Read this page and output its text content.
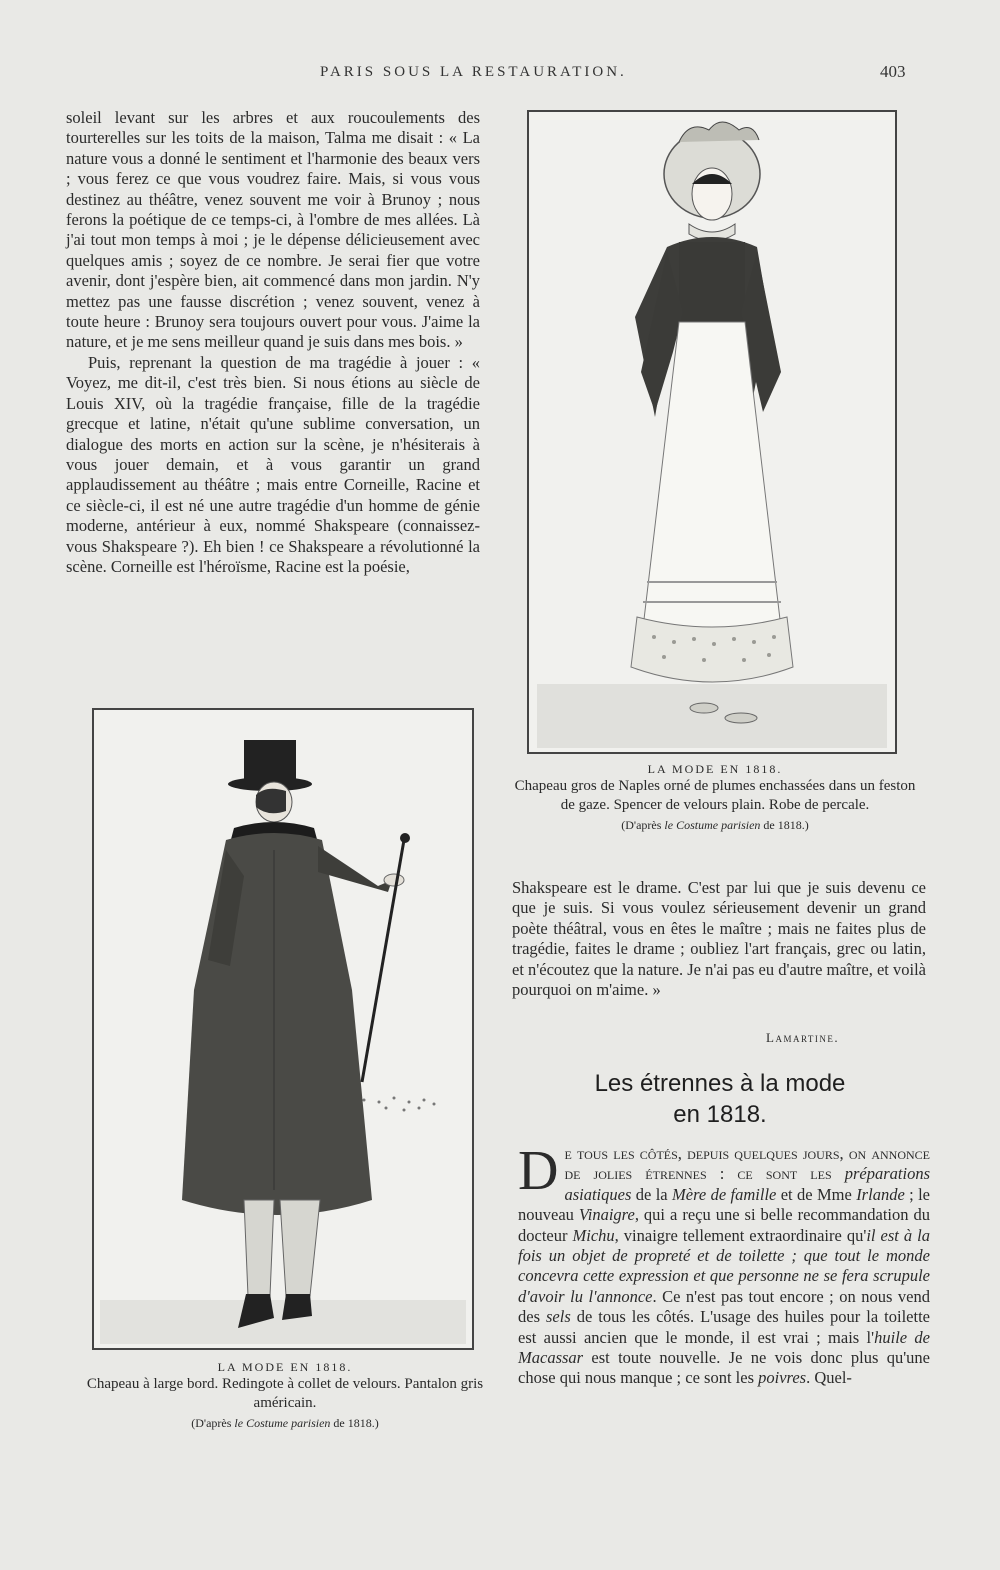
PARIS SOUS LA RESTAURATION.	403

soleil levant sur les arbres et aux roucoulements des tourterelles sur les toits de la maison, Talma me disait : « La nature vous a donné le sentiment et l'harmonie des beaux vers ; vous ferez ce que vous voudrez faire. Mais, si vous vous destinez au théâtre, venez souvent me voir à Brunoy ; nous ferons la poétique de ce temps-ci, à l'ombre de mes allées. Là j'ai tout mon temps à moi ; je le dépense délicieusement avec quelques amis ; soyez de ce nombre. Je serai fier que votre avenir, dont j'espère bien, ait commencé dans mon jardin. N'y mettez pas une fausse discrétion ; venez souvent, venez à toute heure : Brunoy sera toujours ouvert pour vous. J'aime la nature, et je me sens meilleur quand je suis dans mes bois. »

Puis, reprenant la question de ma tragédie à jouer : « Voyez, me dit-il, c'est très bien. Si nous étions au siècle de Louis XIV, où la tragédie française, fille de la tragédie grecque et latine, n'était qu'une sublime conversation, un dialogue des morts en action sur la scène, je n'hésiterais à vous jouer demain, et à vous garantir un grand applaudissement au théâtre ; mais entre Corneille, Racine et ce siècle-ci, il est né une autre tragédie d'un homme de génie moderne, antérieur à eux, nommé Shakspeare (connaissez-vous Shakspeare ?). Eh bien ! ce Shakspeare a révolutionné la scène. Corneille est l'héroïsme, Racine est la poésie,

LA MODE EN 1818.
Chapeau gros de Naples orné de plumes enchassées dans un feston de gaze. Spencer de velours plain. Robe de percale.
(D'après le Costume parisien de 1818.)

Shakspeare est le drame. C'est par lui que je suis devenu ce que je suis. Si vous voulez sérieusement devenir un grand poète théâtral, vous en êtes le maître ; mais ne faites plus de tragédie, faites le drame ; oubliez l'art français, grec ou latin, et n'écoutez que la nature. Je n'ai pas eu d'autre maître, et voilà pourquoi on m'aime. »

Lamartine.
LA MODE EN 1818.
Chapeau à large bord. Redingote à collet de velours. Pantalon gris américain.
(D'après le Costume parisien de 1818.)
Les étrennes à la mode
en 1818.

De tous les côtés, depuis quelques jours, on annonce de jolies étrennes : ce sont les préparations asiatiques de la Mère de famille et de Mme Irlande ; le nouveau Vinaigre, qui a reçu une si belle recommandation du docteur Michu, vinaigre tellement extraordinaire qu'il est à la fois un objet de propreté et de toilette ; que tout le monde concevra cette expression et que personne ne se fera scrupule d'avoir lu l'annonce. Ce n'est pas tout encore ; on nous vend des sels de tous les côtés. L'usage des huiles pour la toilette est aussi ancien que le monde, il est vrai ; mais l'huile de Macassar est toute nouvelle. Je ne vois donc plus qu'une chose qui nous manque ; ce sont les poivres. Quel-
